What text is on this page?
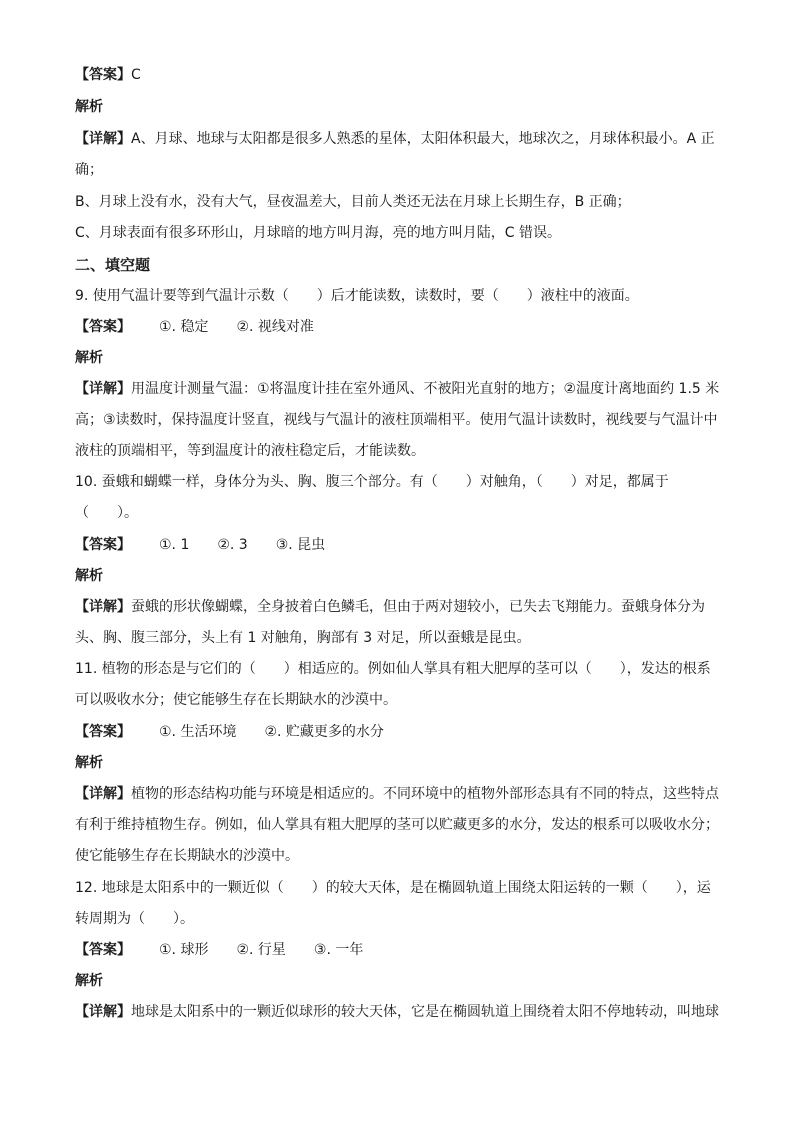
【答案】C
解析
【详解】A、月球、地球与太阳都是很多人熟悉的星体，太阳体积最大，地球次之，月球体积最小。A 正
确；
B、月球上没有水，没有大气，昼夜温差大，目前人类还无法在月球上长期生存，B 正确；
C、月球表面有很多环形山，月球暗的地方叫月海，亮的地方叫月陆，C 错误。
二、填空题
9. 使用气温计要等到气温计示数（　　）后才能读数，读数时，要（　　）液柱中的液面。
【答案】 ①. 稳定 ②. 视线对准
解析
【详解】用温度计测量气温：①将温度计挂在室外通风、不被阳光直射的地方；②温度计离地面约 1.5 米
高；③读数时，保持温度计竖直，视线与气温计的液柱顶端相平。使用气温计读数时，视线要与气温计中
液柱的顶端相平，等到温度计的液柱稳定后，才能读数。
10. 蚕蛾和蝴蝶一样，身体分为头、胸、腹三个部分。有（　　）对触角，（　　）对足，都属于
（　　）。
【答案】 ①. 1 ②. 3 ③. 昆虫
解析
【详解】蚕蛾的形状像蝴蝶，全身披着白色鳞毛，但由于两对翅较小，已失去飞翔能力。蚕蛾身体分为
头、胸、腹三部分，头上有 1 对触角，胸部有 3 对足，所以蚕蛾是昆虫。
11. 植物的形态是与它们的（　　）相适应的。例如仙人掌具有粗大肥厚的茎可以（　　），发达的根系
可以吸收水分；使它能够生存在长期缺水的沙漠中。
【答案】 ①. 生活环境 ②. 贮藏更多的水分
解析
【详解】植物的形态结构功能与环境是相适应的。不同环境中的植物外部形态具有不同的特点，这些特点
有利于维持植物生存。例如，仙人掌具有粗大肥厚的茎可以贮藏更多的水分，发达的根系可以吸收水分；
使它能够生存在长期缺水的沙漠中。
12. 地球是太阳系中的一颗近似（　　）的较大天体，是在椭圆轨道上围绕太阳运转的一颗（　　），运
转周期为（　　）。
【答案】 ①. 球形 ②. 行星 ③. 一年
解析
【详解】地球是太阳系中的一颗近似球形的较大天体，它是在椭圆轨道上围绕着太阳不停地转动，叫地球
